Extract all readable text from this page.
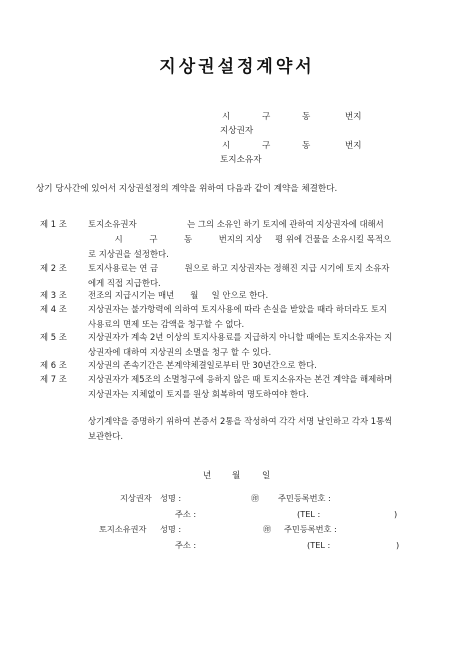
지상권설정계약서
시	구	동	번지
지상권자
시	구	동	번지
토지소유자
상기 당사간에 있어서 지상권설정의 계약을 위하여 다음과 같이 계약을 체결한다.
제 1 조	토지소유권자                   는 그의 소유인 하기 토지에 관하여 지상권자에 대해서
시          구          동          번지의 지상     평 위에 건물을 소유시킬 목적으
로 지상권을 설정한다.
제 2 조	토지사용료는 연 금          원으로 하고 지상권자는 정해진 지급 시기에 토지 소유자
에게 직접 지급한다.
제 3 조	전조의 지급시기는 매년      월     일 안으로 한다.
제 4 조	지상권자는 불가항력에 의하여 토지사용에 따라 손실을 받았을 때라 하더라도 토지
사용료의 면제 또는 감액을 청구할 수 없다.
제 5 조	지상권자가 계속 2년 이상의 토지사용료를 지급하지 아니할 때에는 토지소유자는 지
상권자에 대하여 지상권의 소멸을 청구 할 수 있다.
제 6 조	지상권의 존속기간은 본계약체결일로부터 만 30년간으로 한다.
제 7 조	지상권자가 제5조의 소멸청구에 응하지 않은 때 토지소유자는 본건 계약을 해제하며
지상권자는 지체없이 토지를 원상 회복하여 명도하여야 한다.
상기계약을 증명하기 위하여 본증서 2통을 작성하여 각각 서명 날인하고 각자 1통씩
보관한다.
년 월	일
지상권자 성명 :	㊞ 주민등록번호 :
주소 :	(TEL :	)
토지소유권자 성명 :	㊞ 주민등록번호 :
주소 :	(TEL :	)
